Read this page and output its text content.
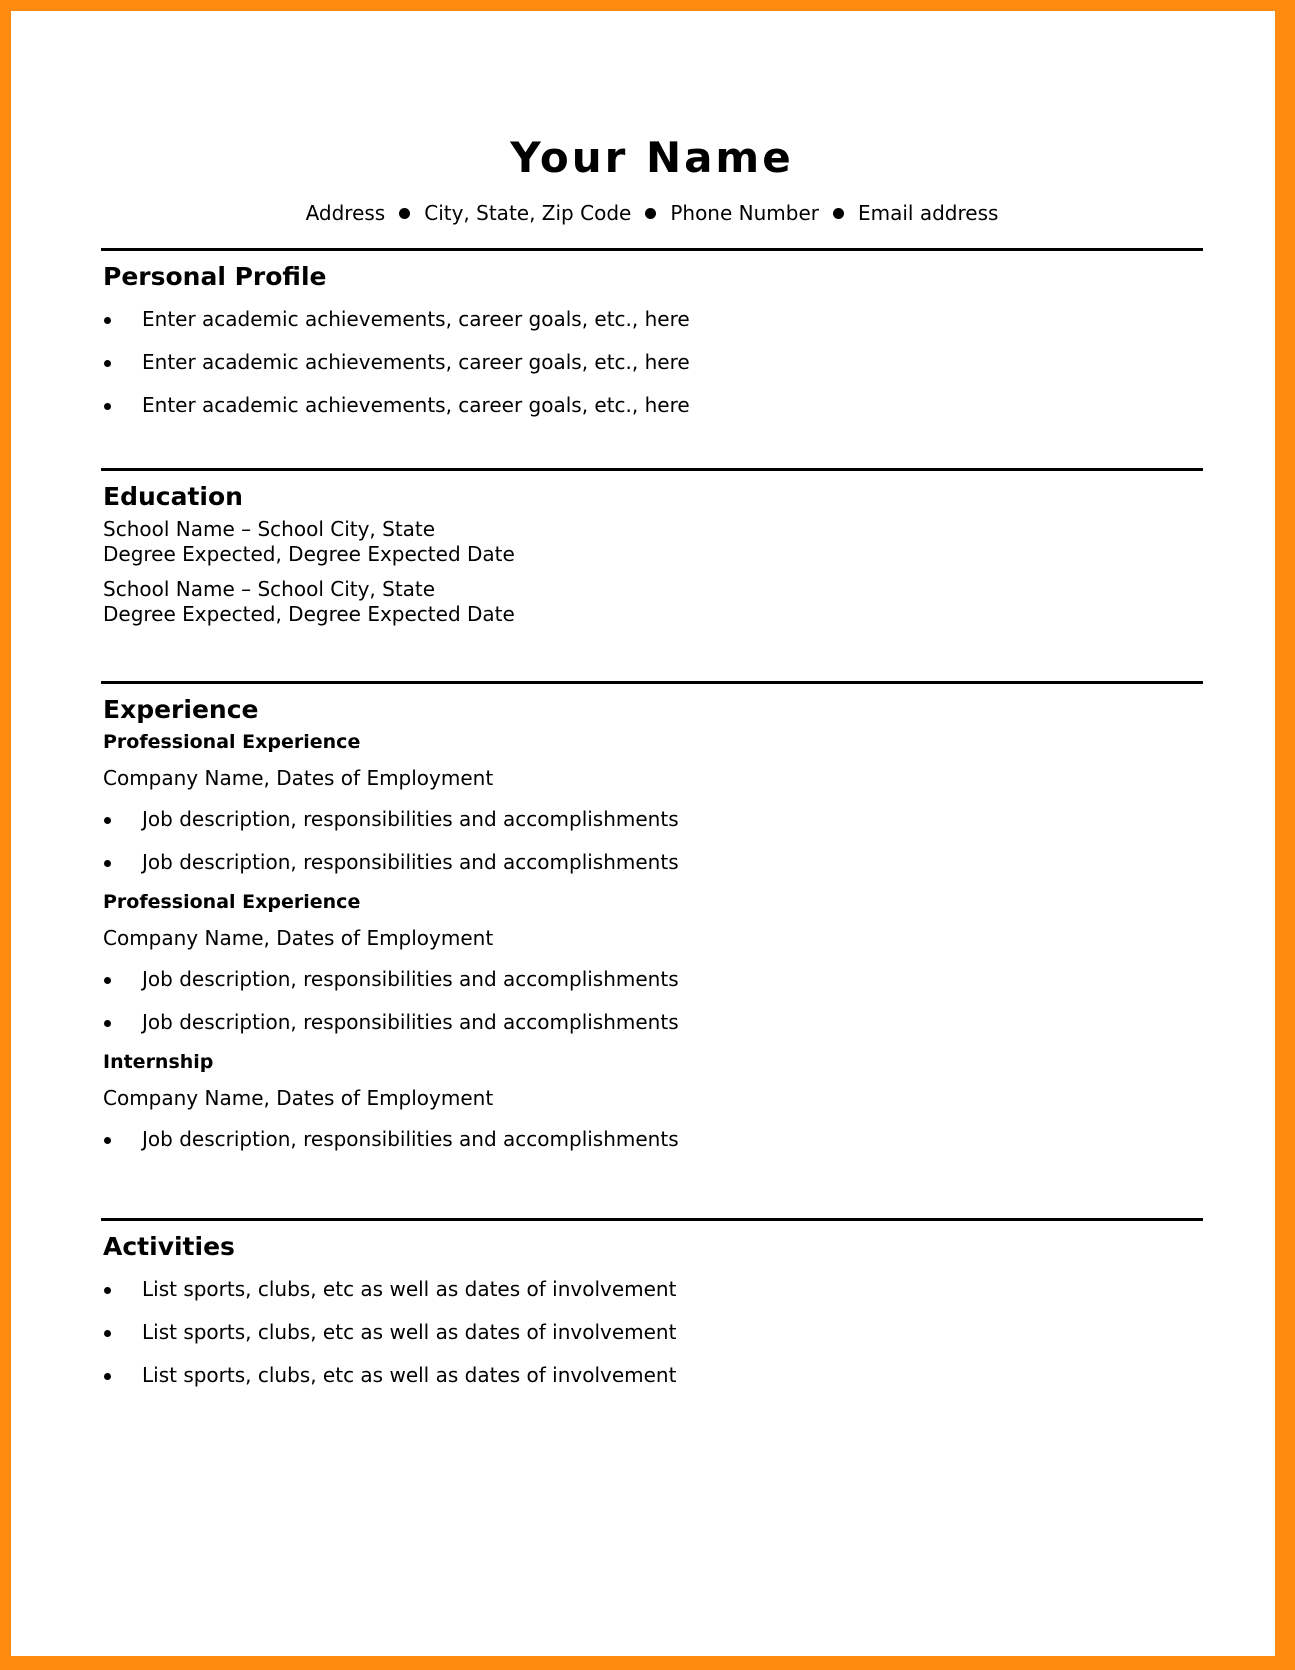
Your Name
Address City, State, Zip Code Phone Number Email address
Personal Profile
Enter academic achievements, career goals, etc., here
Enter academic achievements, career goals, etc., here
Enter academic achievements, career goals, etc., here
Education
School Name – School City, State
Degree Expected, Degree Expected Date
School Name – School City, State
Degree Expected, Degree Expected Date
Experience
Professional Experience
Company Name, Dates of Employment
Job description, responsibilities and accomplishments
Job description, responsibilities and accomplishments
Professional Experience
Company Name, Dates of Employment
Job description, responsibilities and accomplishments
Job description, responsibilities and accomplishments
Internship
Company Name, Dates of Employment
Job description, responsibilities and accomplishments
Activities
List sports, clubs, etc as well as dates of involvement
List sports, clubs, etc as well as dates of involvement
List sports, clubs, etc as well as dates of involvement
